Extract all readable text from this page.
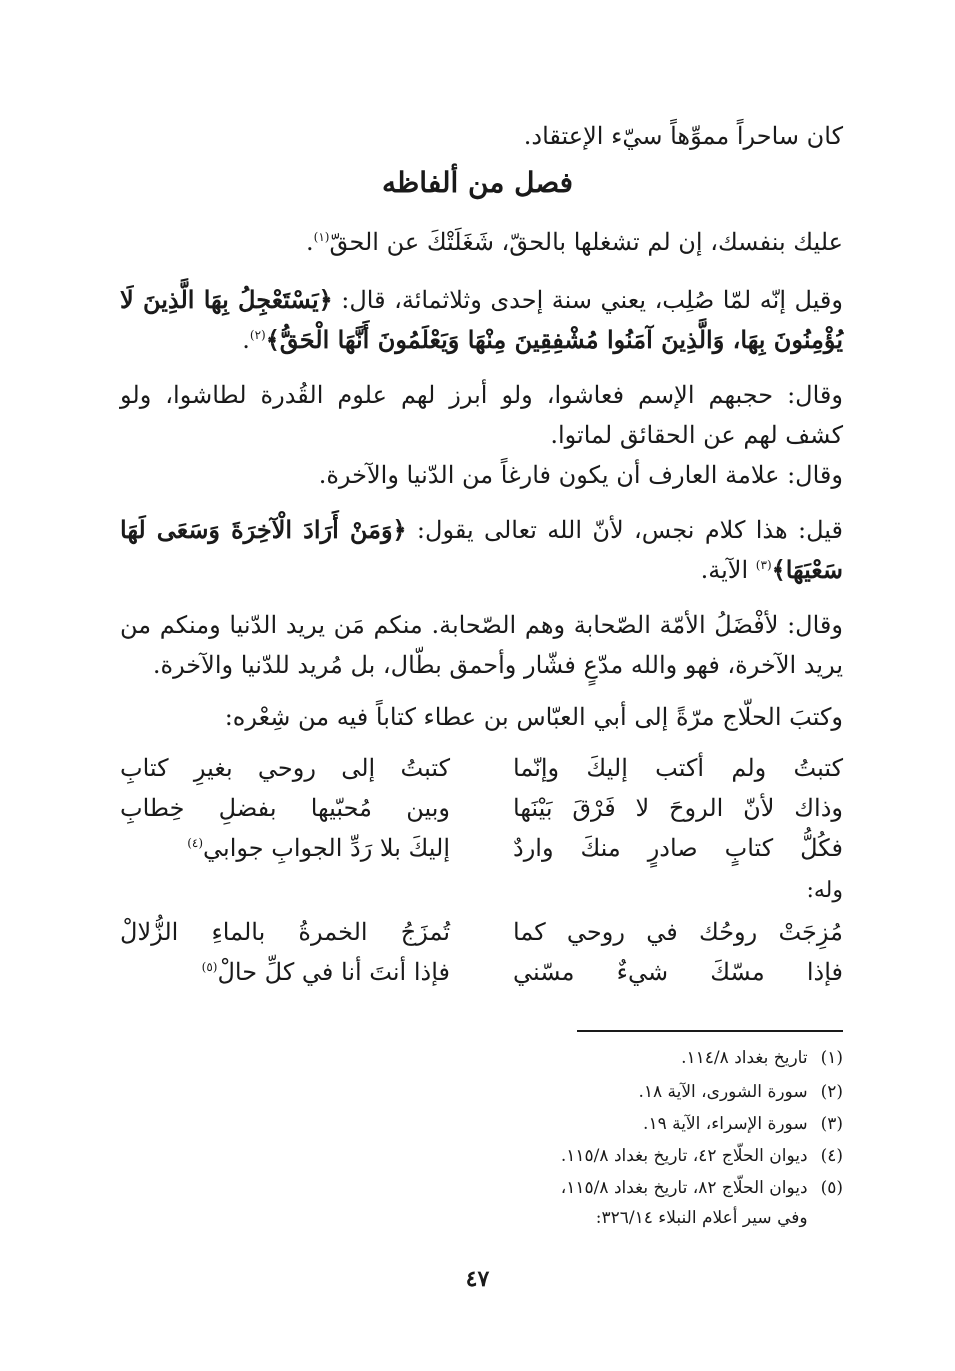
كان ساحراً مموِّهاً سيّء الإعتقاد.
فصل من ألفاظه
عليك بنفسك، إن لم تشغلها بالحقّ، شَغَلَتْكَ عن الحقّ$^{(١)}$.
وقيل إنّه لمّا صُلِب، يعني سنة إحدى وثلاثمائة، قال: ﴿يَسْتَعْجِلُ بِهَا الَّذِينَ لَا يُؤْمِنُونَ بِهَا، وَالَّذِينَ آمَنُوا مُشْفِقِينَ مِنْهَا وَيَعْلَمُونَ أَنَّهَا الْحَقُّ﴾$^{(٢)}$.
وقال: حجبهم الإسم فعاشوا، ولو أبرز لهم علوم القُدرة لطاشوا، ولو كشف لهم عن الحقائق لماتوا.
وقال: علامة العارف أن يكون فارغاً من الدّنيا والآخرة.
قيل: هذا كلام نجس، لأنّ الله تعالى يقول: ﴿وَمَنْ أَرَادَ الْآخِرَةَ وَسَعَى لَهَا سَعْيَهَا﴾$^{(٣)}$ الآية.
وقال: لأفْضَلُ الأمّة الصّحابة وهم الصّحابة. منكم مَن يريد الدّنيا ومنكم من يريد الآخرة، فهو والله مدّعٍ فشّار وأحمق بطّال، بل مُريد للدّنيا والآخرة.
وكتبَ الحلّاج مرّةً إلى أبي العبّاس بن عطاء كتاباً فيه من شِعْره:
كتبتُ ولم أكتب إليكَ وإنّما
كتبتُ إلى روحي بغيرِ كتابِ
وذاك لأنّ الروحَ لا فَرْقَ بَيْنَها
وبين مُحبّيها بفضلِ خِطابِ
فكُلُّ كتابٍ صادرٍ منكَ واردٌ
إليكَ بلا رَدِّ الجوابِ جوابي$^{(٤)}$
وله:
مُزِجَتْ روحُك في روحي كما
تُمزَجُ الخمرةُ بالماءِ الزُّلالْ
فإذا مسّكَ شيءٌ مسّني
فإذا أنتَ أنا في كلِّ حالْ$^{(٥)}$
(١) تاريخ بغداد ١١٤/٨.
(٢) سورة الشورى، الآية ١٨.
(٣) سورة الإسراء، الآية ١٩.
(٤) ديوان الحلّاج ٤٢، تاريخ بغداد ١١٥/٨.
(٥) ديوان الحلّاج ٨٢، تاريخ بغداد ١١٥/٨،
وفي سير أعلام النبلاء ٣٢٦/١٤:
٤٧
